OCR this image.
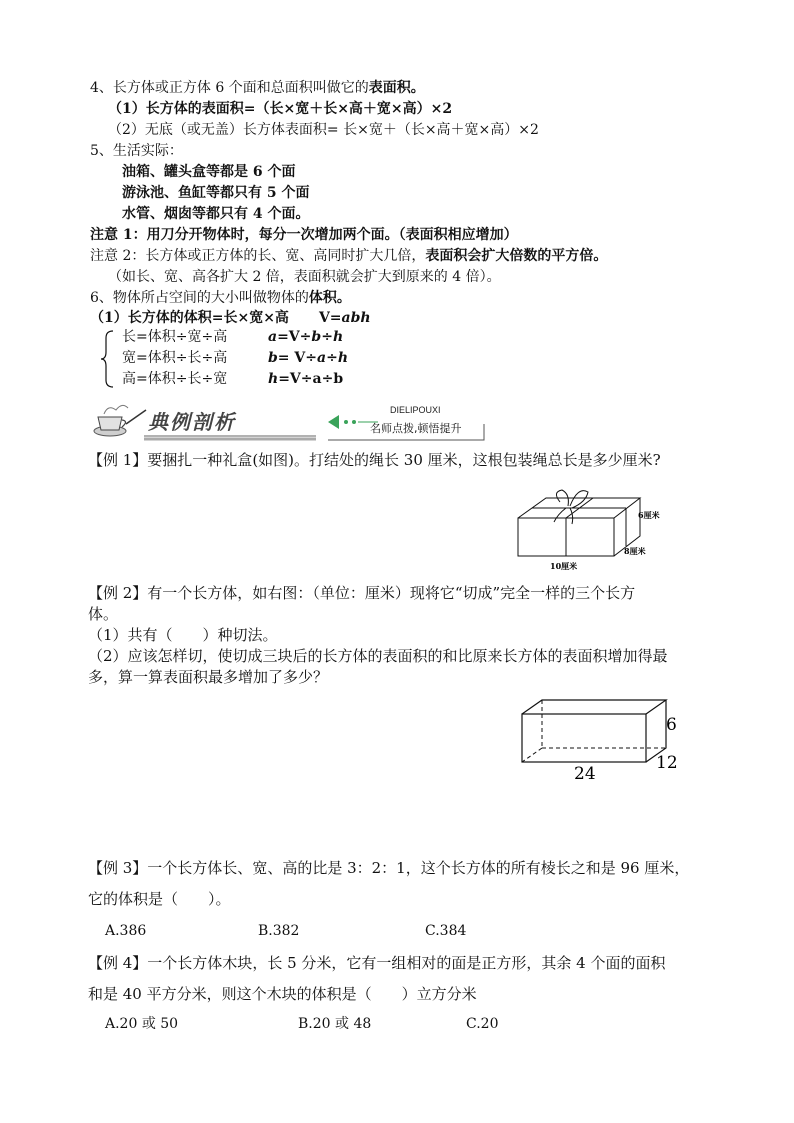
4、长方体或正方体 6 个面和总面积叫做它的表面积。
（1）长方体的表面积=（长×宽＋长×高＋宽×高）×2
（2）无底（或无盖）长方体表面积= 长×宽＋（长×高＋宽×高）×2
5、生活实际：
油箱、罐头盒等都是 6 个面
游泳池、鱼缸等都只有 5 个面
水管、烟囱等都只有 4 个面。
注意 1：用刀分开物体时，每分一次增加两个面。（表面积相应增加）
注意 2：长方体或正方体的长、宽、高同时扩大几倍，表面积会扩大倍数的平方倍。
（如长、宽、高各扩大 2 倍，表面积就会扩大到原来的 4 倍）。
6、物体所占空间的大小叫做物体的体积。
（1）长方体的体积=长×宽×高 V=abh
长=体积÷宽÷高	a=V÷b÷h
宽=体积÷长÷高	b= V÷a÷h
高=体积÷长÷宽	h=V÷a÷b
典例剖析	DIELIPOUXI
名师点拨,顿悟提升
【例 1】要捆扎一种礼盒(如图)。打结处的绳长 30 厘米，这根包装绳总长是多少厘米?
6厘米
8厘米
10厘米
【例 2】有一个长方体，如右图：（单位：厘米）现将它“切成”完全一样的三个长方
体。
（1）共有（　　）种切法。
（2）应该怎样切，使切成三块后的长方体的表面积的和比原来长方体的表面积增加得最
多，算一算表面积最多增加了多少？
6
12
24
【例 3】一个长方体长、宽、高的比是 3：2：1，这个长方体的所有棱长之和是 96 厘米，
它的体积是（　　）。
A.386	B.382	C.384
【例 4】一个长方体木块，长 5 分米，它有一组相对的面是正方形，其余 4 个面的面积
和是 40 平方分米，则这个木块的体积是（　　）立方分米
A.20 或 50	B.20 或 48	C.20
